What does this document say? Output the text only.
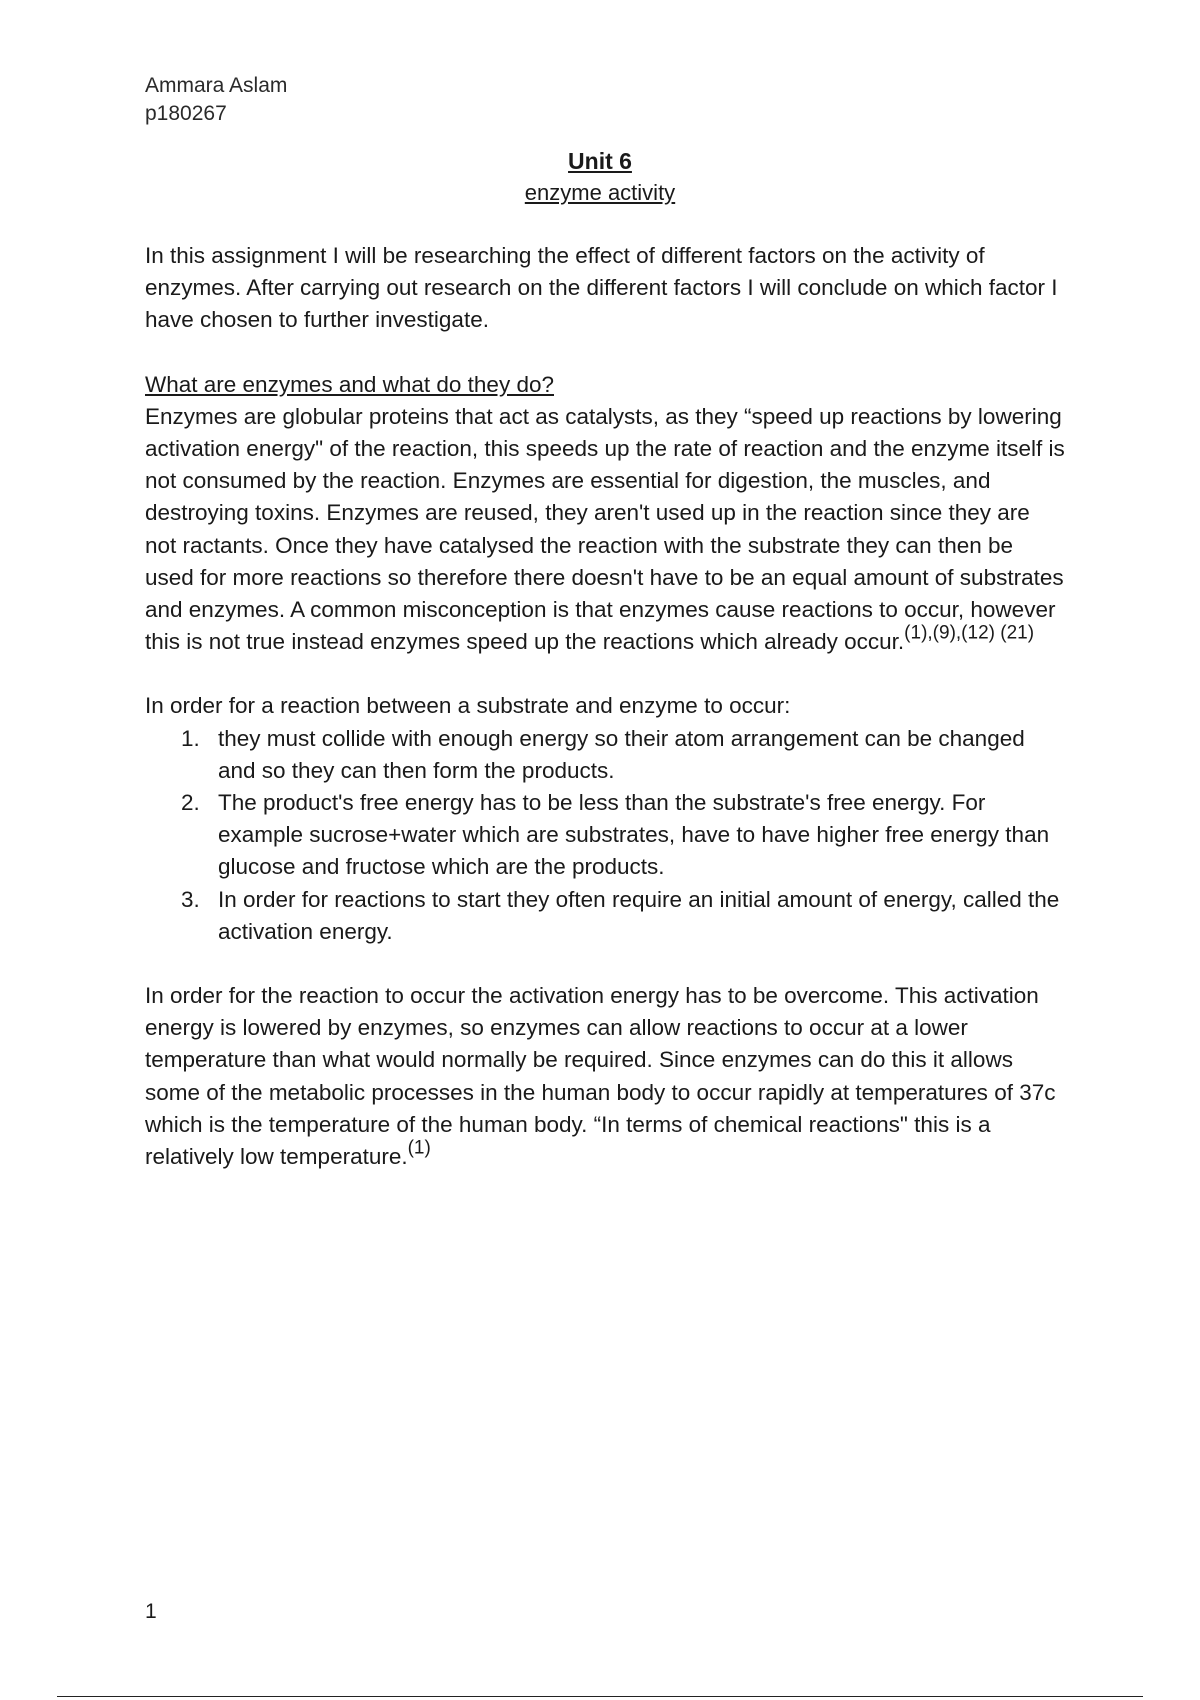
Ammara Aslam
p180267
Unit 6
enzyme activity

In this assignment I will be researching the effect of different factors on the activity of enzymes. After carrying out research on the different factors I will conclude on which factor I have chosen to further investigate.

What are enzymes and what do they do?

Enzymes are globular proteins that act as catalysts, as they “speed up reactions by lowering activation energy" of the reaction, this speeds up the rate of reaction and the enzyme itself is not consumed by the reaction. Enzymes are essential for digestion, the muscles, and destroying toxins. Enzymes are reused, they aren't used up in the reaction since they are not ractants. Once they have catalysed the reaction with the substrate they can then be used for more reactions so therefore there doesn't have to be an equal amount of substrates and enzymes. A common misconception is that enzymes cause reactions to occur, however this is not true instead enzymes speed up the reactions which already occur.$^{(1),(9),(12) (21)}$

In order for a reaction between a substrate and enzyme to occur:

1. they must collide with enough energy so their atom arrangement can be changed and so they can then form the products.
2. The product's free energy has to be less than the substrate's free energy. For example sucrose+water which are substrates, have to have higher free energy than glucose and fructose which are the products.
3. In order for reactions to start they often require an initial amount of energy, called the activation energy.

In order for the reaction to occur the activation energy has to be overcome. This activation energy is lowered by enzymes, so enzymes can allow reactions to occur at a lower temperature than what would normally be required. Since enzymes can do this it allows some of the metabolic processes in the human body to occur rapidly at temperatures of 37c which is the temperature of the human body. “In terms of chemical reactions" this is a relatively low temperature.$^{(1)}$

1
